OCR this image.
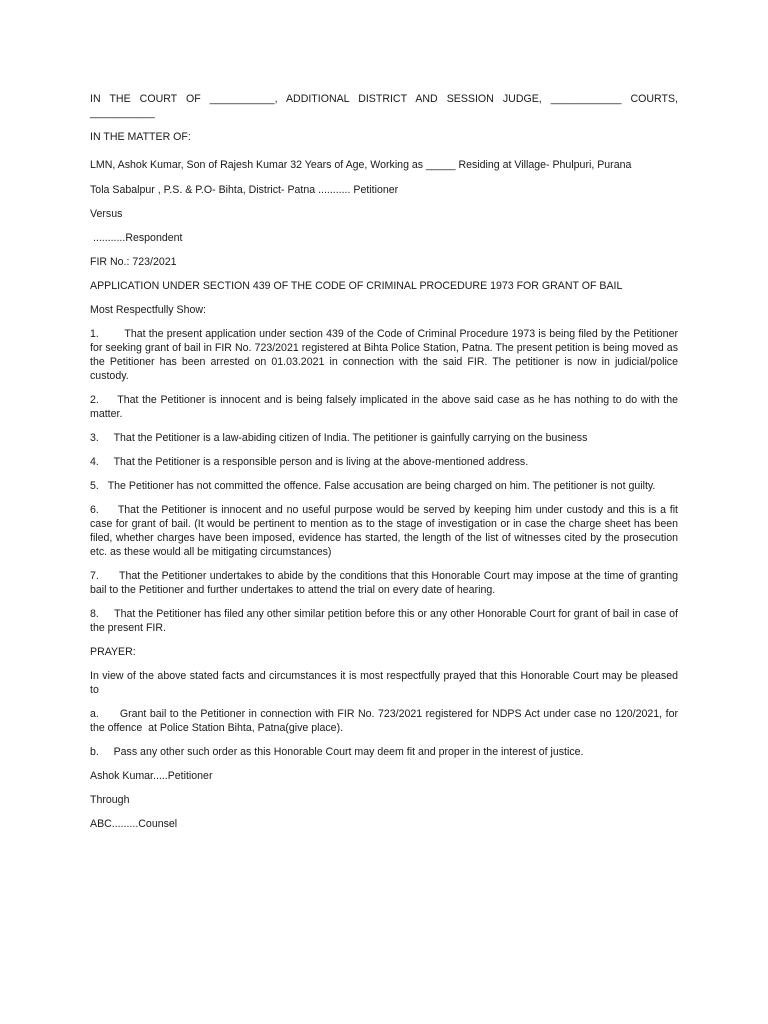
IN THE COURT OF ___________, ADDITIONAL DISTRICT AND SESSION JUDGE, ____________ COURTS, ___________

IN THE MATTER OF:

LMN, Ashok Kumar, Son of Rajesh Kumar 32 Years of Age, Working as _____ Residing at Village- Phulpuri, Purana

Tola Sabalpur , P.S. & P.O- Bihta, District- Patna ........... Petitioner

Versus

...........Respondent

FIR No.: 723/2021

APPLICATION UNDER SECTION 439 OF THE CODE OF CRIMINAL PROCEDURE 1973 FOR GRANT OF BAIL

Most Respectfully Show:

1. That the present application under section 439 of the Code of Criminal Procedure 1973 is being filed by the Petitioner for seeking grant of bail in FIR No. 723/2021 registered at Bihta Police Station, Patna. The present petition is being moved as the Petitioner has been arrested on 01.03.2021 in connection with the said FIR. The petitioner is now in judicial/police custody.

2. That the Petitioner is innocent and is being falsely implicated in the above said case as he has nothing to do with the matter.

3. That the Petitioner is a law-abiding citizen of India. The petitioner is gainfully carrying on the business

4. That the Petitioner is a responsible person and is living at the above-mentioned address.

5. The Petitioner has not committed the offence. False accusation are being charged on him. The petitioner is not guilty.

6. That the Petitioner is innocent and no useful purpose would be served by keeping him under custody and this is a fit case for grant of bail. (It would be pertinent to mention as to the stage of investigation or in case the charge sheet has been filed, whether charges have been imposed, evidence has started, the length of the list of witnesses cited by the prosecution etc. as these would all be mitigating circumstances)

7. That the Petitioner undertakes to abide by the conditions that this Honorable Court may impose at the time of granting bail to the Petitioner and further undertakes to attend the trial on every date of hearing.

8. That the Petitioner has filed any other similar petition before this or any other Honorable Court for grant of bail in case of the present FIR.

PRAYER:

In view of the above stated facts and circumstances it is most respectfully prayed that this Honorable Court may be pleased to

a. Grant bail to the Petitioner in connection with FIR No. 723/2021 registered for NDPS Act under case no 120/2021, for the offence  at Police Station Bihta, Patna(give place).

b. Pass any other such order as this Honorable Court may deem fit and proper in the interest of justice.

Ashok Kumar.....Petitioner

Through

ABC.........Counsel
